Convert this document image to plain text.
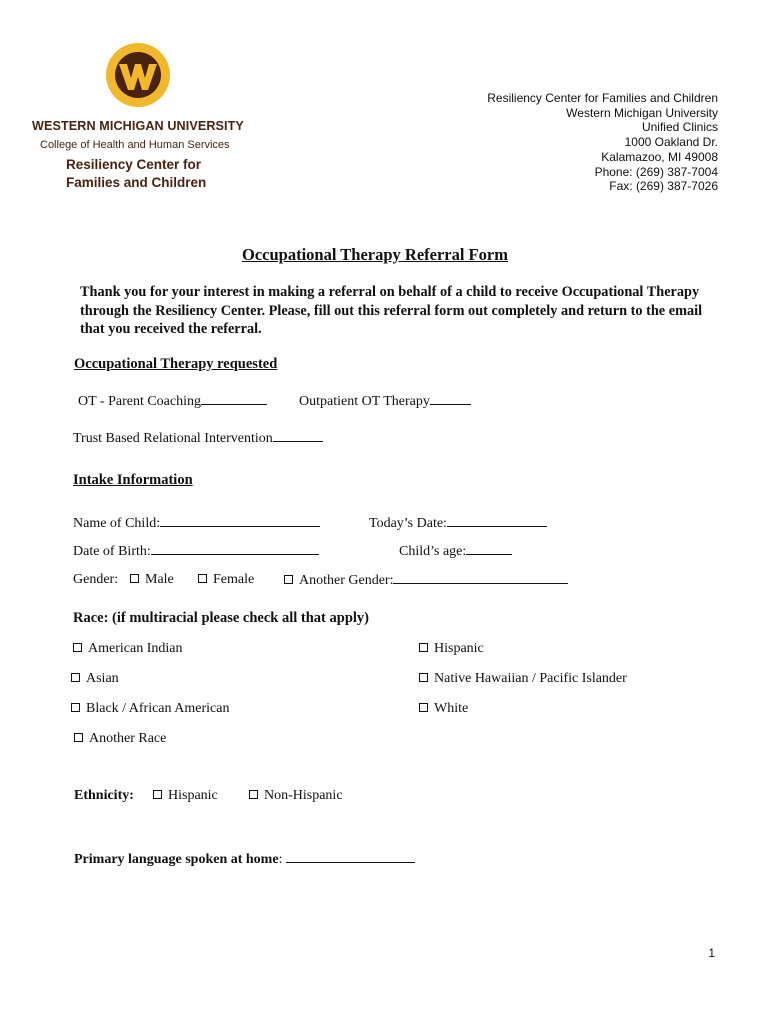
WESTERN MICHIGAN UNIVERSITY
College of Health and Human Services
Resiliency Center for
Families and Children
Resiliency Center for Families and Children
Western Michigan University
Unified Clinics
1000 Oakland Dr.
Kalamazoo, MI 49008
Phone: (269) 387-7004
Fax: (269) 387-7026
Occupational Therapy Referral Form
Thank you for your interest in making a referral on behalf of a child to receive Occupational Therapy through the Resiliency Center. Please, fill out this referral form out completely and return to the email that you received the referral.
Occupational Therapy requested
OT - Parent Coaching	Outpatient OT Therapy
Trust Based Relational Intervention
Intake Information
Name of Child:	Today’s Date:
Date of Birth:	Child’s age:
Gender:	Male	Female	Another Gender:
Race: (if multiracial please check all that apply)
American Indian	Hispanic
Asian	Native Hawaiian / Pacific Islander
Black / African American	White
Another Race
Ethnicity:	Hispanic	Non-Hispanic
Primary language spoken at home:
1
